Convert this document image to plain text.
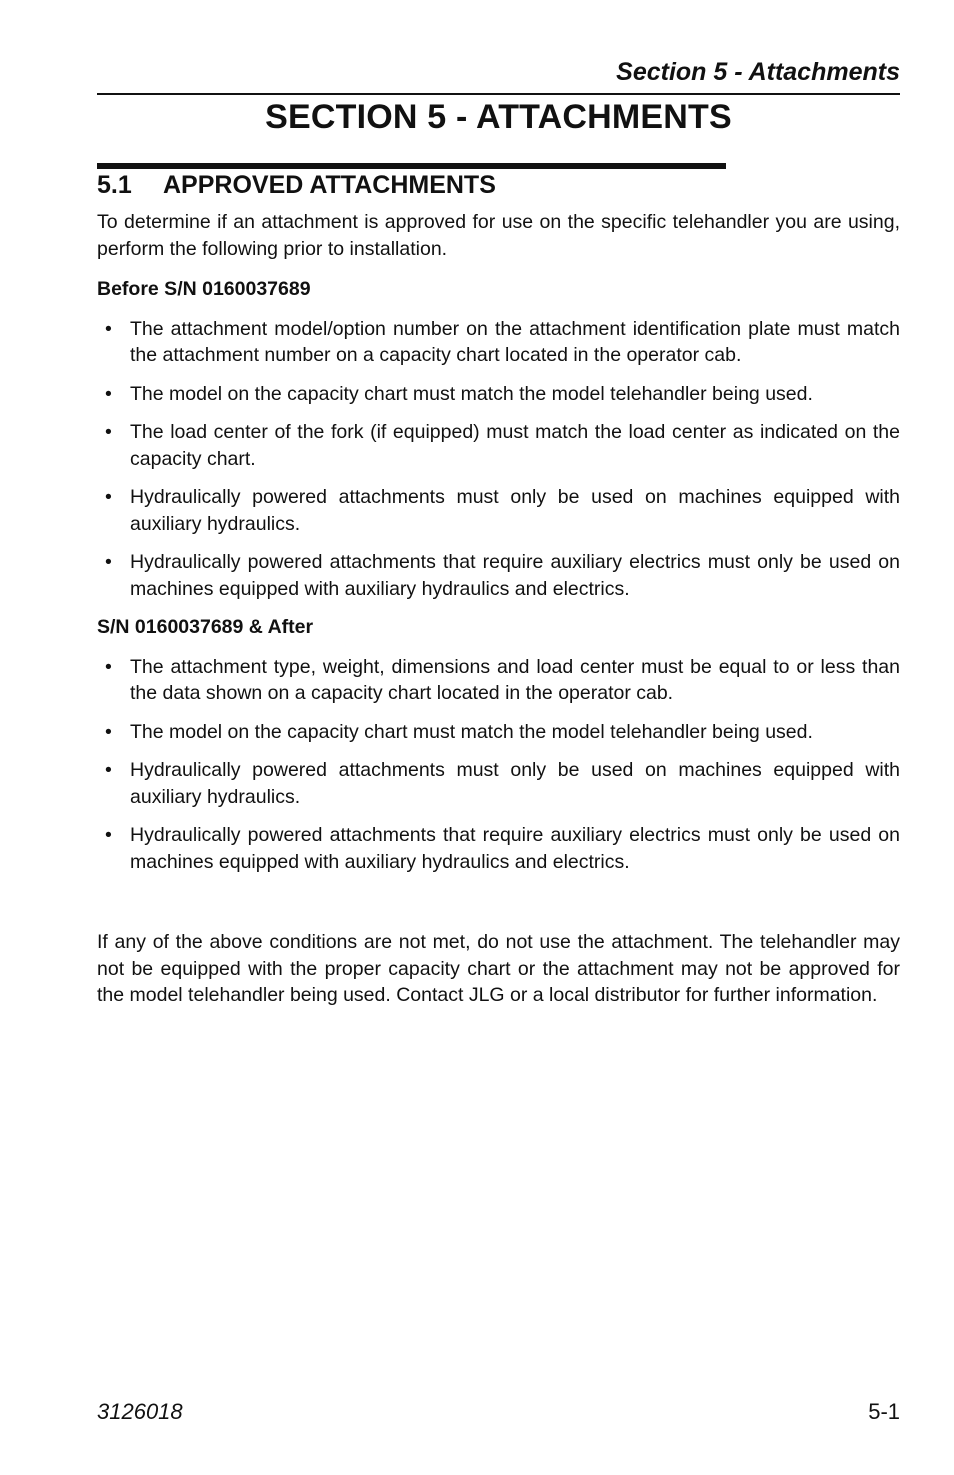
Section 5 - Attachments
SECTION 5 - ATTACHMENTS
5.1 APPROVED ATTACHMENTS

To determine if an attachment is approved for use on the specific telehandler you are using, perform the following prior to installation.

Before S/N 0160037689

• The attachment model/option number on the attachment identification plate must match the attachment number on a capacity chart located in the operator cab.
• The model on the capacity chart must match the model telehandler being used.
• The load center of the fork (if equipped) must match the load center as indicated on the capacity chart.
• Hydraulically powered attachments must only be used on machines equipped with auxiliary hydraulics.
• Hydraulically powered attachments that require auxiliary electrics must only be used on machines equipped with auxiliary hydraulics and electrics.

S/N 0160037689 & After

• The attachment type, weight, dimensions and load center must be equal to or less than the data shown on a capacity chart located in the operator cab.
• The model on the capacity chart must match the model telehandler being used.
• Hydraulically powered attachments must only be used on machines equipped with auxiliary hydraulics.
• Hydraulically powered attachments that require auxiliary electrics must only be used on machines equipped with auxiliary hydraulics and electrics.

If any of the above conditions are not met, do not use the attachment. The telehandler may not be equipped with the proper capacity chart or the attachment may not be approved for the model telehandler being used. Contact JLG or a local distributor for further information.

3126018	5-1
